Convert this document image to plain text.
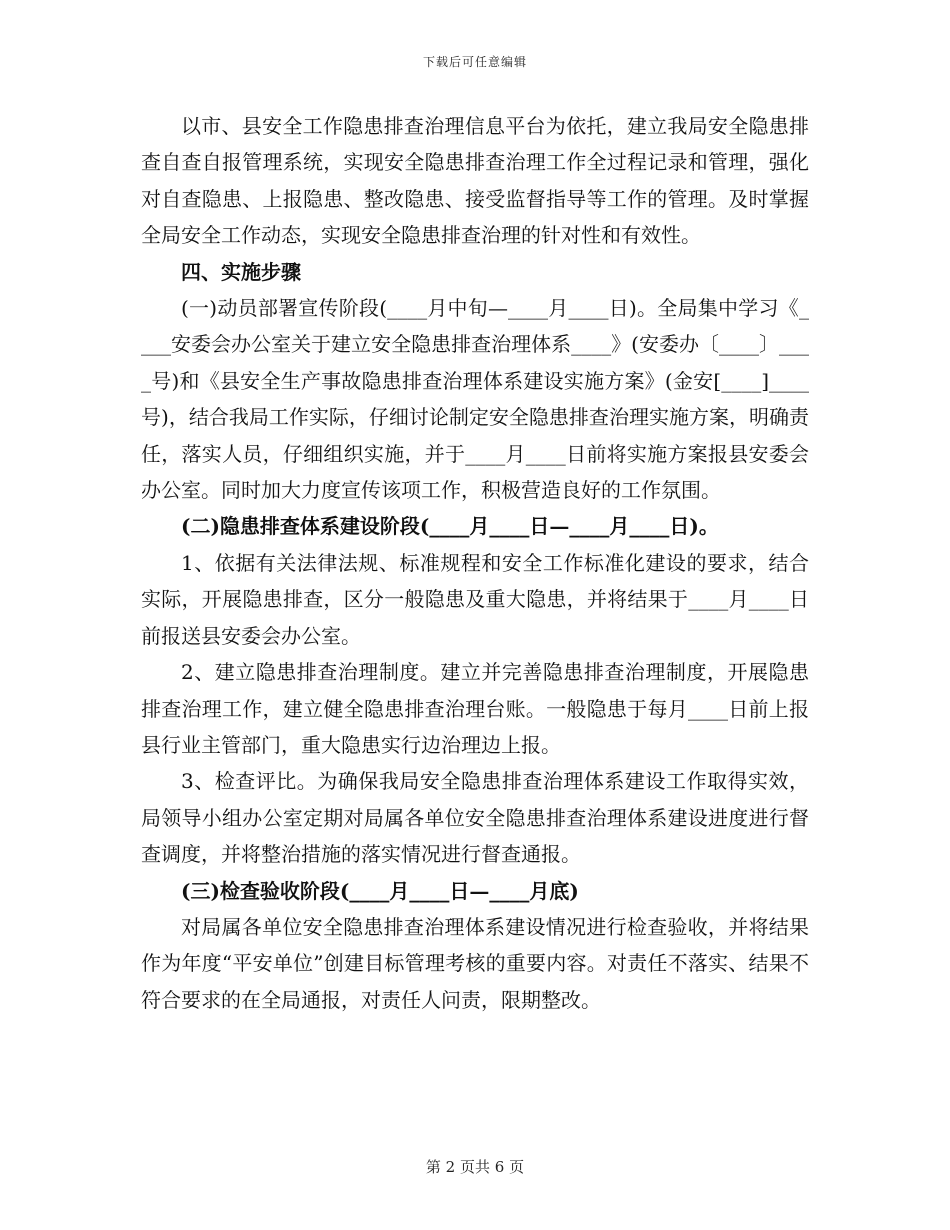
下载后可任意编辑

以市、县安全工作隐患排查治理信息平台为依托，建立我局安全隐患排查自查自报管理系统，实现安全隐患排查治理工作全过程记录和管理，强化对自查隐患、上报隐患、整改隐患、接受监督指导等工作的管理。及时掌握全局安全工作动态，实现安全隐患排查治理的针对性和有效性。

四、实施步骤

(一)动员部署宣传阶段(____月中旬—____月____日)。全局集中学习《____安委会办公室关于建立安全隐患排查治理体系____》(安委办〔____〕____号)和《县安全生产事故隐患排查治理体系建设实施方案》(金安[____]____号)，结合我局工作实际，仔细讨论制定安全隐患排查治理实施方案，明确责任，落实人员，仔细组织实施，并于____月____日前将实施方案报县安委会办公室。同时加大力度宣传该项工作，积极营造良好的工作氛围。

(二)隐患排查体系建设阶段(____月____日—____月____日)。

1、依据有关法律法规、标准规程和安全工作标准化建设的要求，结合实际，开展隐患排查，区分一般隐患及重大隐患，并将结果于____月____日前报送县安委会办公室。

2、建立隐患排查治理制度。建立并完善隐患排查治理制度，开展隐患排查治理工作，建立健全隐患排查治理台账。一般隐患于每月____日前上报县行业主管部门，重大隐患实行边治理边上报。

3、检查评比。为确保我局安全隐患排查治理体系建设工作取得实效，局领导小组办公室定期对局属各单位安全隐患排查治理体系建设进度进行督查调度，并将整治措施的落实情况进行督查通报。

(三)检查验收阶段(____月____日—____月底)

对局属各单位安全隐患排查治理体系建设情况进行检查验收，并将结果作为年度“平安单位”创建目标管理考核的重要内容。对责任不落实、结果不符合要求的在全局通报，对责任人问责，限期整改。

第 2 页共 6 页
